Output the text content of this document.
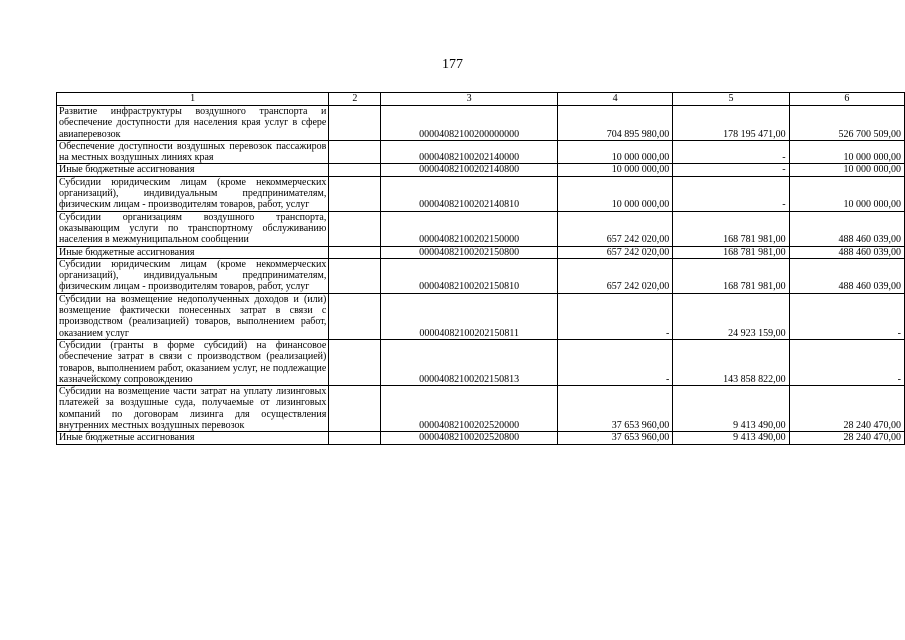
177
1	2	3	4	5	6
Развитие инфраструктуры воздушного транспорта и обеспечение доступности для населения края услуг в сфере авиаперевозок		00004082100200000000	704 895 980,00	178 195 471,00	526 700 509,00
Обеспечение доступности воздушных перевозок пассажиров на местных воздушных линиях края		00004082100202140000	10 000 000,00	-	10 000 000,00
Иные бюджетные ассигнования		00004082100202140800	10 000 000,00	-	10 000 000,00
Субсидии юридическим лицам (кроме некоммерческих организаций), индивидуальным предпринимателям, физическим лицам - производителям товаров, работ, услуг		00004082100202140810	10 000 000,00	-	10 000 000,00
Субсидии организациям воздушного транспорта, оказывающим услуги по транспортному обслуживанию населения в межмуниципальном сообщении		00004082100202150000	657 242 020,00	168 781 981,00	488 460 039,00
Иные бюджетные ассигнования		00004082100202150800	657 242 020,00	168 781 981,00	488 460 039,00
Субсидии юридическим лицам (кроме некоммерческих организаций), индивидуальным предпринимателям, физическим лицам - производителям товаров, работ, услуг		00004082100202150810	657 242 020,00	168 781 981,00	488 460 039,00
Субсидии на возмещение недополученных доходов и (или) возмещение фактически понесенных затрат в связи с производством (реализацией) товаров, выполнением работ, оказанием услуг		00004082100202150811	-	24 923 159,00	-
Субсидии (гранты в форме субсидий) на финансовое обеспечение затрат в связи с производством (реализацией) товаров, выполнением работ, оказанием услуг, не подлежащие казначейскому сопровождению		00004082100202150813	-	143 858 822,00	-
Субсидии на возмещение части затрат на уплату лизинговых платежей за воздушные суда, получаемые от лизинговых компаний по договорам лизинга для осуществления внутренних местных воздушных перевозок		00004082100202520000	37 653 960,00	9 413 490,00	28 240 470,00
Иные бюджетные ассигнования		00004082100202520800	37 653 960,00	9 413 490,00	28 240 470,00
